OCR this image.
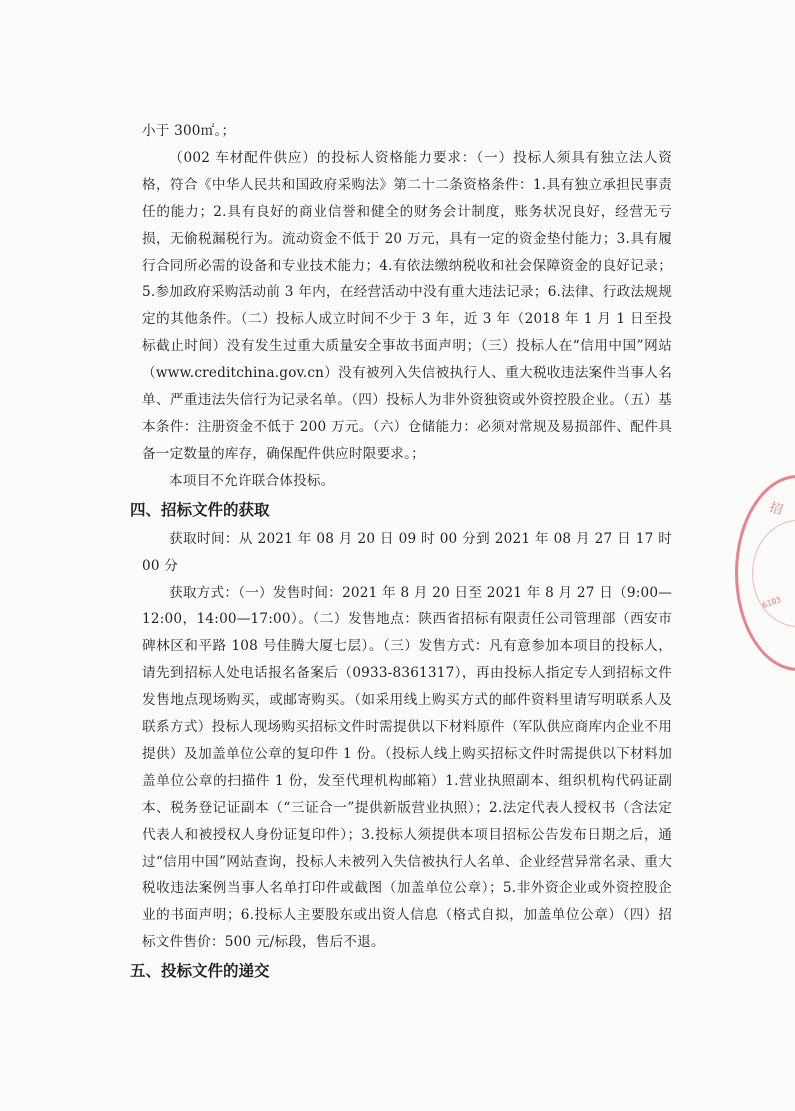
小于 300㎡。；

（002 车材配件供应）的投标人资格能力要求：（一）投标人须具有独立法人资格，符合《中华人民共和国政府采购法》第二十二条资格条件：1.具有独立承担民事责任的能力；2.具有良好的商业信誉和健全的财务会计制度，账务状况良好，经营无亏损，无偷税漏税行为。流动资金不低于 20 万元，具有一定的资金垫付能力；3.具有履行合同所必需的设备和专业技术能力；4.有依法缴纳税收和社会保障资金的良好记录；5.参加政府采购活动前 3 年内，在经营活动中没有重大违法记录；6.法律、行政法规规定的其他条件。（二）投标人成立时间不少于 3 年，近 3 年（2018 年 1 月 1 日至投标截止时间）没有发生过重大质量安全事故书面声明；（三）投标人在“信用中国”网站（www.creditchina.gov.cn）没有被列入失信被执行人、重大税收违法案件当事人名单、严重违法失信行为记录名单。（四）投标人为非外资独资或外资控股企业。（五）基本条件：注册资金不低于 200 万元。（六）仓储能力：必须对常规及易损部件、配件具备一定数量的库存，确保配件供应时限要求。；

本项目不允许联合体投标。

四、招标文件的获取

获取时间：从 2021 年 08 月 20 日 09 时 00 分到 2021 年 08 月 27 日 17 时 00 分

获取方式：（一）发售时间：2021 年 8 月 20 日至 2021 年 8 月 27 日（9:00—12:00，14:00—17:00）。（二）发售地点：陕西省招标有限责任公司管理部（西安市碑林区和平路 108 号佳腾大厦七层）。（三）发售方式：凡有意参加本项目的投标人，请先到招标人处电话报名备案后（0933-8361317），再由投标人指定专人到招标文件发售地点现场购买，或邮寄购买。（如采用线上购买方式的邮件资料里请写明联系人及联系方式）投标人现场购买招标文件时需提供以下材料原件（军队供应商库内企业不用提供）及加盖单位公章的复印件 1 份。（投标人线上购买招标文件时需提供以下材料加盖单位公章的扫描件 1 份，发至代理机构邮箱）1.营业执照副本、组织机构代码证副本、税务登记证副本（“三证合一”提供新版营业执照）；2.法定代表人授权书（含法定代表人和被授权人身份证复印件）；3.投标人须提供本项目招标公告发布日期之后，通过“信用中国”网站查询，投标人未被列入失信被执行人名单、企业经营异常名录、重大税收违法案例当事人名单打印件或截图（加盖单位公章）；5.非外资企业或外资控股企业的书面声明；6.投标人主要股东或出资人信息（格式自拟，加盖单位公章）（四）招标文件售价：500 元/标段，售后不退。

五、投标文件的递交
招
6103
